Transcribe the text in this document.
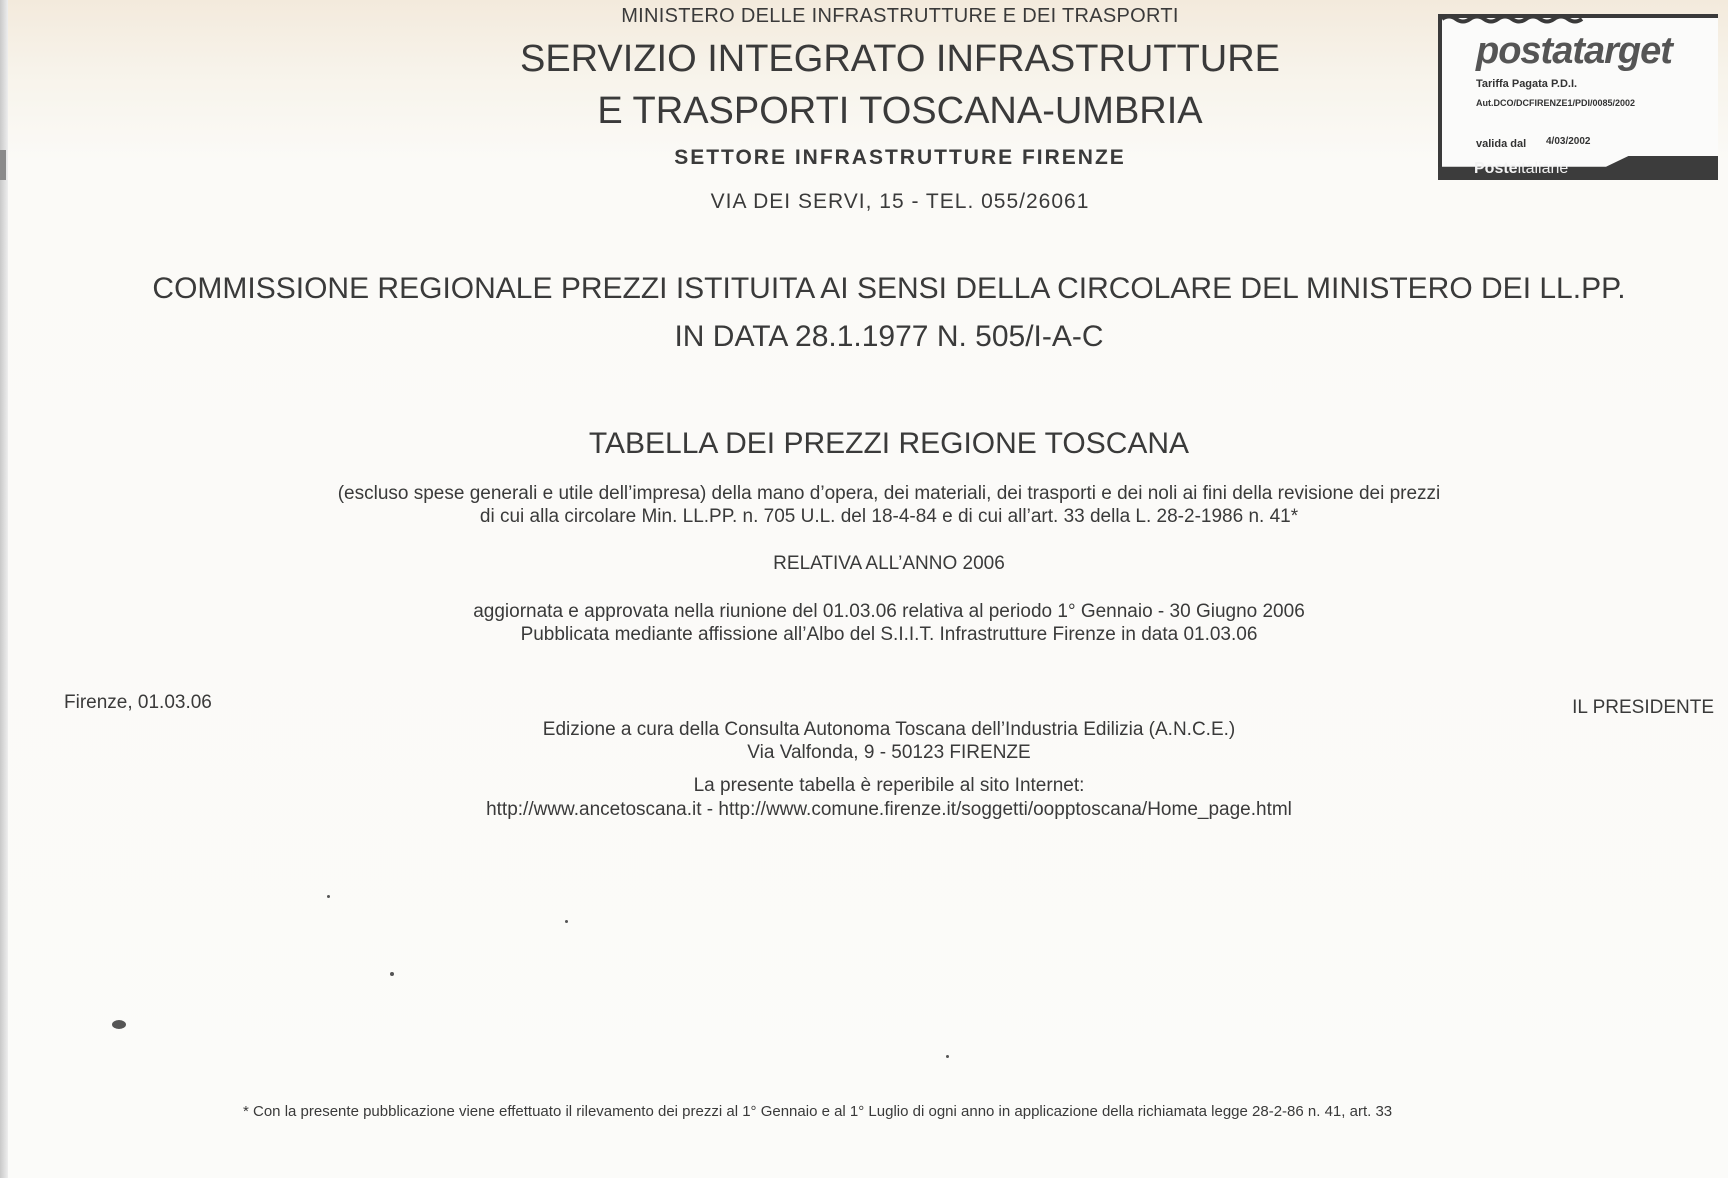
MINISTERO DELLE INFRASTRUTTURE E DEI TRASPORTI
SERVIZIO INTEGRATO INFRASTRUTTURE
E TRASPORTI TOSCANA-UMBRIA
SETTORE INFRASTRUTTURE FIRENZE
VIA DEI SERVI, 15 - TEL. 055/26061
postatarget
Tariffa Pagata P.D.I.
Aut.DCO/DCFIRENZE1/PDI/0085/2002
valida dal 4/03/2002
Posteitaliane
COMMISSIONE REGIONALE PREZZI ISTITUITA AI SENSI DELLA CIRCOLARE DEL MINISTERO DEI LL.PP.
IN DATA 28.1.1977 N. 505/I-A-C
TABELLA DEI PREZZI REGIONE TOSCANA
(escluso spese generali e utile dell’impresa) della mano d’opera, dei materiali, dei trasporti e dei noli ai fini della revisione dei prezzi
di cui alla circolare Min. LL.PP. n. 705 U.L. del 18-4-84 e di cui all’art. 33 della L. 28-2-1986 n. 41*
RELATIVA ALL’ANNO 2006
aggiornata e approvata nella riunione del 01.03.06 relativa al periodo 1° Gennaio - 30 Giugno 2006
Pubblicata mediante affissione all’Albo del S.I.I.T. Infrastrutture Firenze in data 01.03.06
Firenze, 01.03.06	IL PRESIDENTE
Edizione a cura della Consulta Autonoma Toscana dell’Industria Edilizia (A.N.C.E.)
Via Valfonda, 9 - 50123 FIRENZE
La presente tabella è reperibile al sito Internet:
http://www.ancetoscana.it - http://www.comune.firenze.it/soggetti/oopptoscana/Home_page.html
* Con la presente pubblicazione viene effettuato il rilevamento dei prezzi al 1° Gennaio e al 1° Luglio di ogni anno in applicazione della richiamata legge 28-2-86 n. 41, art. 33
